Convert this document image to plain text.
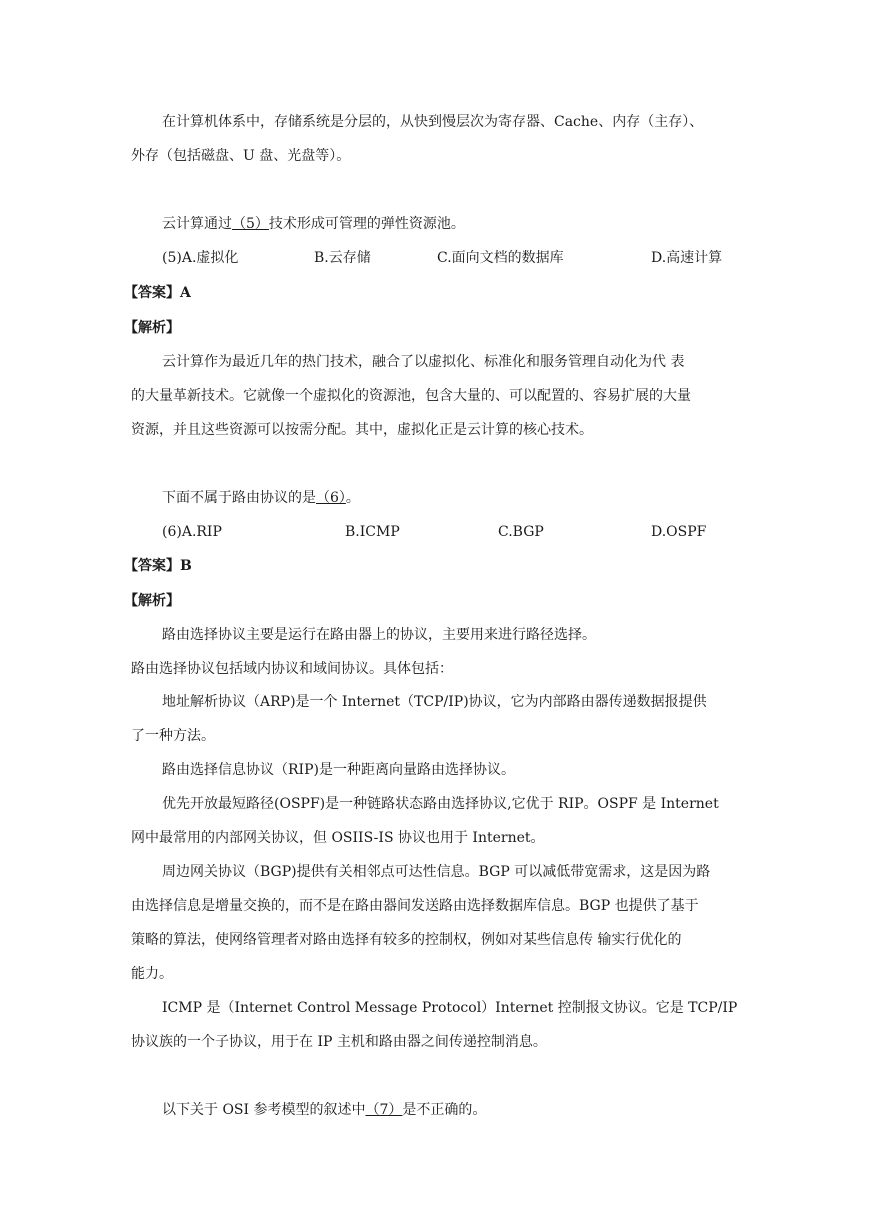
在计算机体系中，存储系统是分层的，从快到慢层次为寄存器、Cache、内存（主存）、
外存（包括磁盘、U 盘、光盘等）。
云计算通过（5）技术形成可管理的弹性资源池。
(5)A.虚拟化	B.云存储	C.面向文档的数据库	D.高速计算
【答案】A
【解析】
云计算作为最近几年的热门技术，融合了以虚拟化、标准化和服务管理自动化为代 表
的大量革新技术。它就像一个虚拟化的资源池，包含大量的、可以配置的、容易扩展的大量
资源，并且这些资源可以按需分配。其中，虚拟化正是云计算的核心技术。
下面不属于路由协议的是（6）。
(6)A.RIP	B.ICMP	C.BGP	D.OSPF
【答案】B
【解析】
路由选择协议主要是运行在路由器上的协议，主要用来进行路径选择。
路由选择协议包括域内协议和域间协议。具体包括：
地址解析协议（ARP)是一个 Internet（TCP/IP)协议，它为内部路由器传递数据报提供
了一种方法。
路由选择信息协议（RIP)是一种距离向量路由选择协议。
优先开放最短路径(OSPF)是一种链路状态路由选择协议,它优于 RIP。OSPF 是 Internet
网中最常用的内部网关协议，但 OSIIS-IS 协议也用于 Internet。
周边网关协议（BGP)提供有关相邻点可达性信息。BGP 可以减低带宽需求，这是因为路
由选择信息是增量交换的，而不是在路由器间发送路由选择数据库信息。BGP 也提供了基于
策略的算法，使网络管理者对路由选择有较多的控制权，例如对某些信息传 输实行优化的
能力。
ICMP 是（Internet Control Message Protocol）Internet 控制报文协议。它是 TCP/IP
协议族的一个子协议，用于在 IP 主机和路由器之间传递控制消息。
以下关于 OSI 参考模型的叙述中（7）是不正确的。
